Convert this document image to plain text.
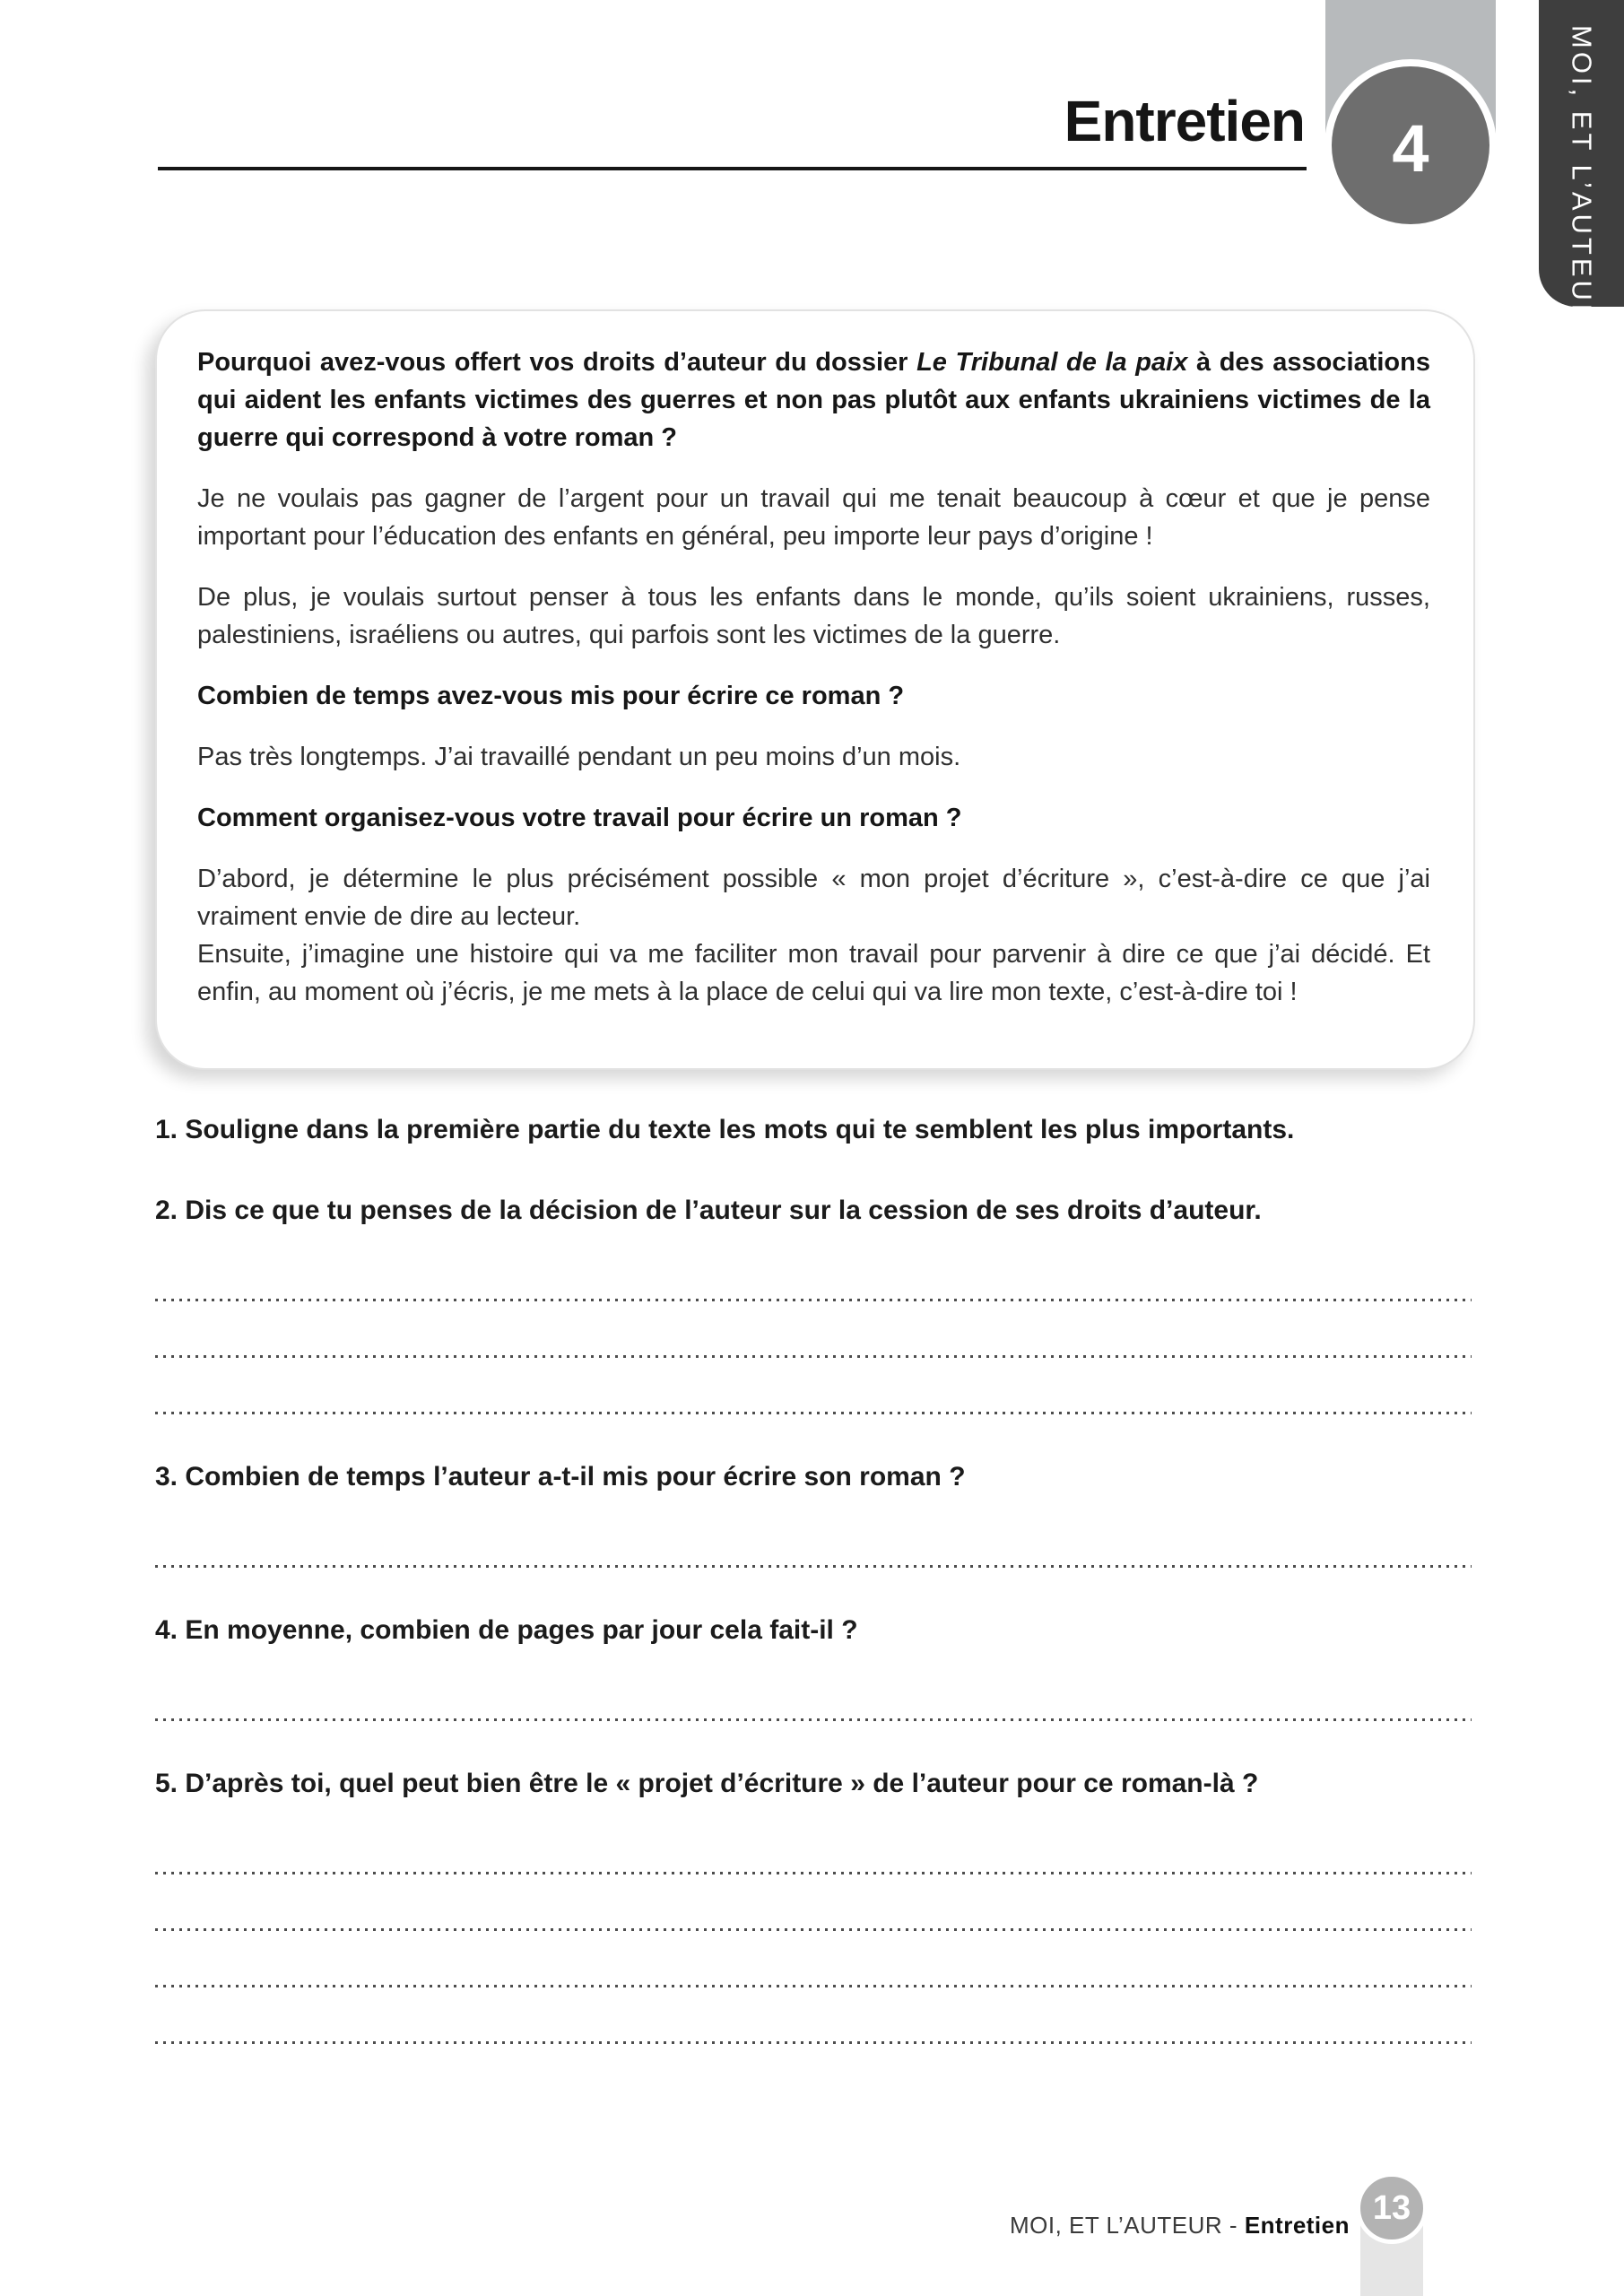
Entretien 4	MOI, ET L’AUTEUR
Pourquoi avez-vous offert vos droits d’auteur du dossier Le Tribunal de la paix à des associations qui aident les enfants victimes des guerres et non pas plutôt aux enfants ukrainiens victimes de la guerre qui correspond à votre roman ?
Je ne voulais pas gagner de l’argent pour un travail qui me tenait beaucoup à cœur et que je pense important pour l’éducation des enfants en général, peu importe leur pays d’origine !
De plus, je voulais surtout penser à tous les enfants dans le monde, qu’ils soient ukrainiens, russes, palestiniens, israéliens ou autres, qui parfois sont les victimes de la guerre.
Combien de temps avez-vous mis pour écrire ce roman ?
Pas très longtemps. J’ai travaillé pendant un peu moins d’un mois.
Comment organisez-vous votre travail pour écrire un roman ?
D’abord, je détermine le plus précisément possible « mon projet d’écriture », c’est-à-dire ce que j’ai vraiment envie de dire au lecteur.
Ensuite, j’imagine une histoire qui va me faciliter mon travail pour parvenir à dire ce que j’ai décidé. Et enfin, au moment où j’écris, je me mets à la place de celui qui va lire mon texte, c’est-à-dire toi !
1. Souligne dans la première partie du texte les mots qui te semblent les plus importants.
2. Dis ce que tu penses de la décision de l’auteur sur la cession de ses droits d’auteur.
3. Combien de temps l’auteur a-t-il mis pour écrire son roman ?
4. En moyenne, combien de pages par jour cela fait-il ?
5. D’après toi, quel peut bien être le « projet d’écriture » de l’auteur pour ce roman-là ?
MOI, ET L’AUTEUR - Entretien 13
